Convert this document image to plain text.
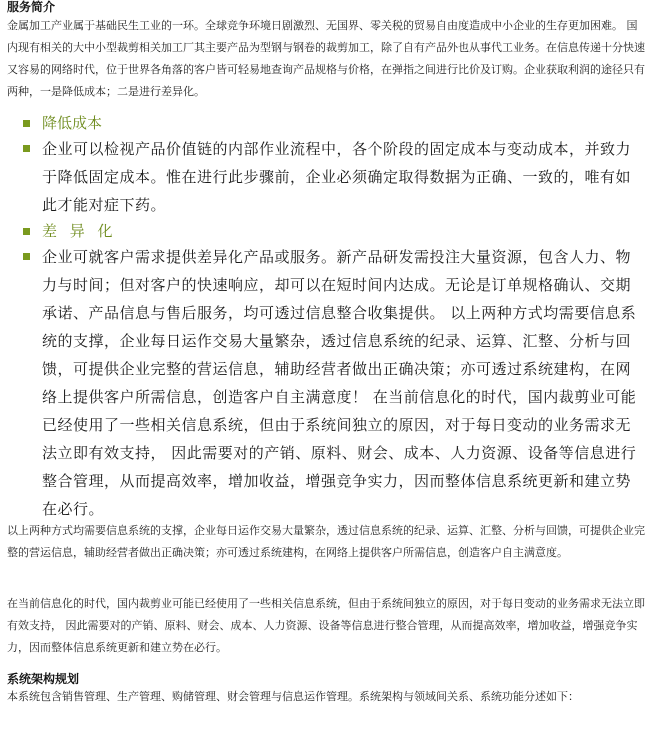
服务简介

金属加工产业属于基础民生工业的一环。全球竞争环境日剧激烈、无国界、零关税的贸易自由度造成中小企业的生存更加困难。 国内现有相关的大中小型裁剪相关加工厂其主要产品为型钢与钢卷的裁剪加工，除了自有产品外也从事代工业务。在信息传递十分快速又容易的网络时代，位于世界各角落的客户皆可轻易地查询产品规格与价格，在弹指之间进行比价及订购。企业获取利润的途径只有两种，一是降低成本；二是进行差异化。

降低成本

企业可以检视产品价值链的内部作业流程中，各个阶段的固定成本与变动成本，并致力于降低固定成本。惟在进行此步骤前，企业必须确定取得数据为正确、一致的，唯有如此才能对症下药。

差 异 化

企业可就客户需求提供差异化产品或服务。新产品研发需投注大量资源，包含人力、物力与时间；但对客户的快速响应，却可以在短时间内达成。无论是订单规格确认、交期承诺、产品信息与售后服务，均可透过信息整合收集提供。 以上两种方式均需要信息系统的支撑，企业每日运作交易大量繁杂，透过信息系统的纪录、运算、汇整、分析与回馈，可提供企业完整的营运信息，辅助经营者做出正确决策；亦可透过系统建构，在网络上提供客户所需信息，创造客户自主满意度！ 在当前信息化的时代，国内裁剪业可能已经使用了一些相关信息系统，但由于系统间独立的原因，对于每日变动的业务需求无法立即有效支持， 因此需要对的产销、原料、财会、成本、人力资源、设备等信息进行整合管理，从而提高效率，增加收益，增强竞争实力，因而整体信息系统更新和建立势在必行。

以上两种方式均需要信息系统的支撑，企业每日运作交易大量繁杂，透过信息系统的纪录、运算、汇整、分析与回馈，可提供企业完整的营运信息，辅助经营者做出正确决策；亦可透过系统建构，在网络上提供客户所需信息，创造客户自主满意度。

在当前信息化的时代，国内裁剪业可能已经使用了一些相关信息系统，但由于系统间独立的原因，对于每日变动的业务需求无法立即有效支持， 因此需要对的产销、原料、财会、成本、人力资源、设备等信息进行整合管理，从而提高效率，增加收益，增强竞争实力，因而整体信息系统更新和建立势在必行。

系统架构规划

本系统包含销售管理、生产管理、购储管理、财会管理与信息运作管理。系统架构与领域间关系、系统功能分述如下：
